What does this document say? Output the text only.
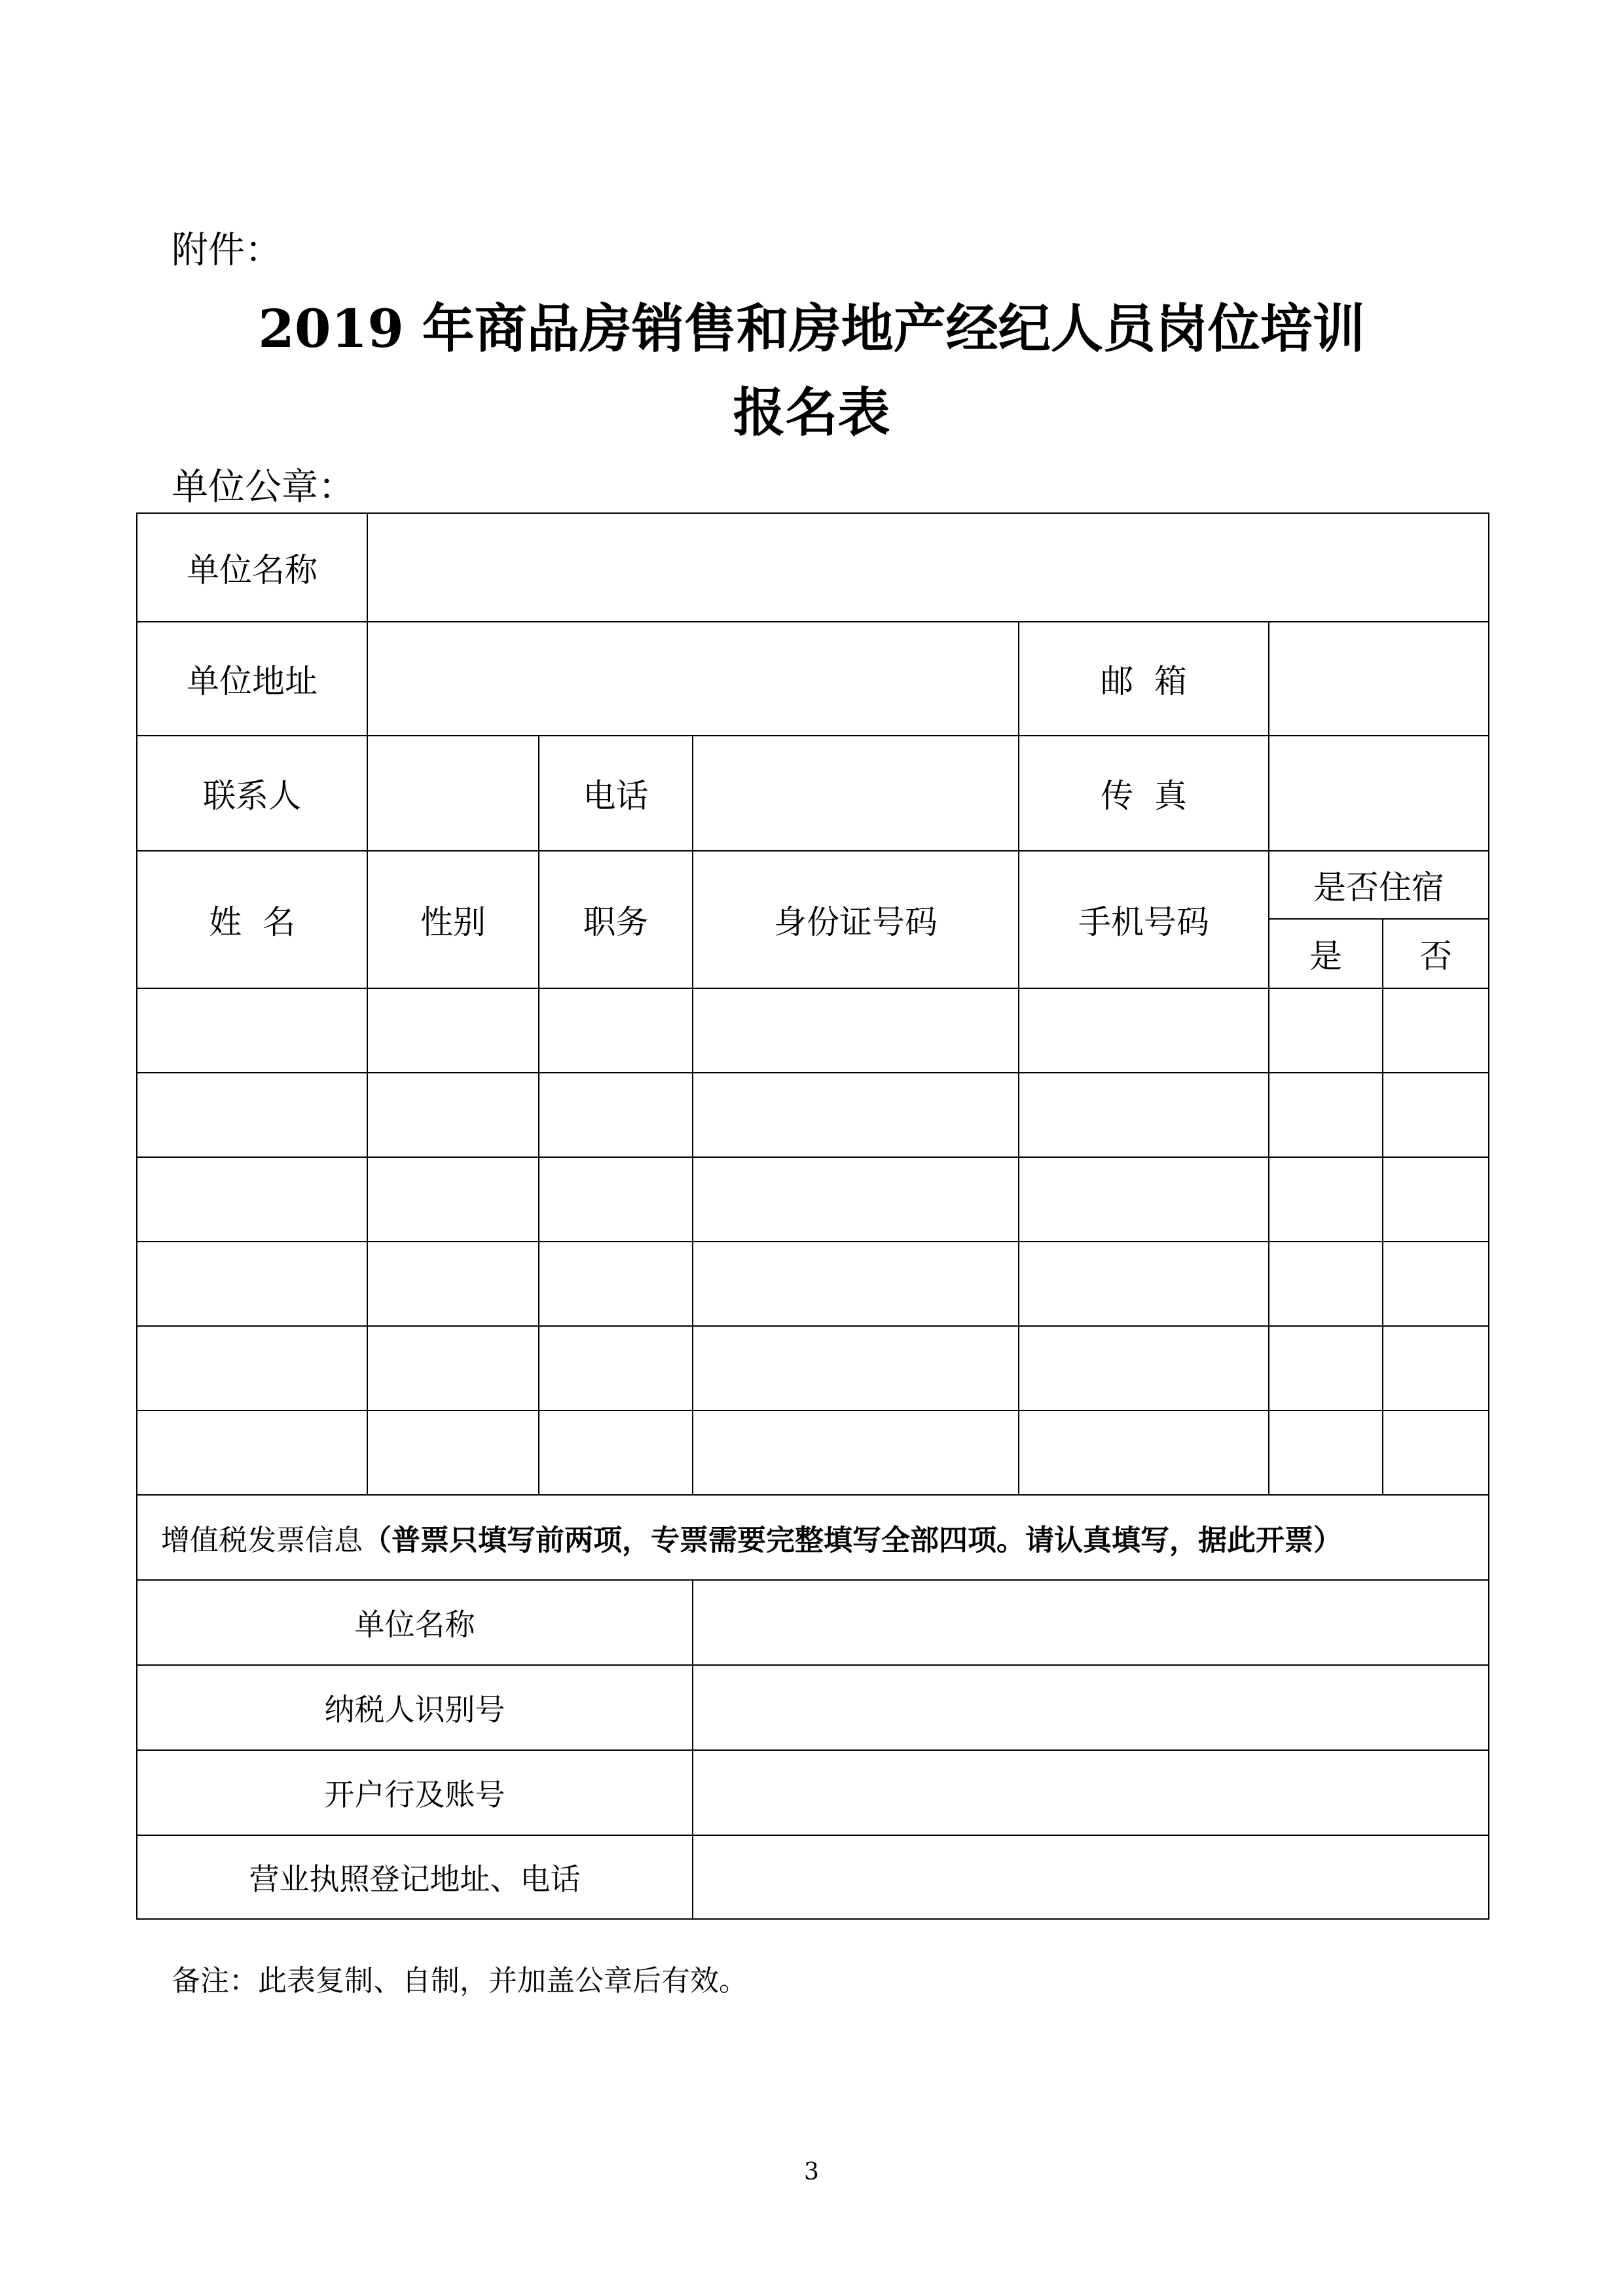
附件：
2019 年商品房销售和房地产经纪人员岗位培训
报名表
单位公章：
单位名称						
单位地址				邮  箱		
联系人		电话		传  真		
姓  名	性别	职务	身份证号码	手机号码	是否住宿	
					是	否

增值税发票信息（普票只填写前两项，专票需要完整填写全部四项。请认真填写，据此开票）						
单位名称						
纳税人识别号						
开户行及账号						
营业执照登记地址、电话						
备注：此表复制、自制，并加盖公章后有效。
3
